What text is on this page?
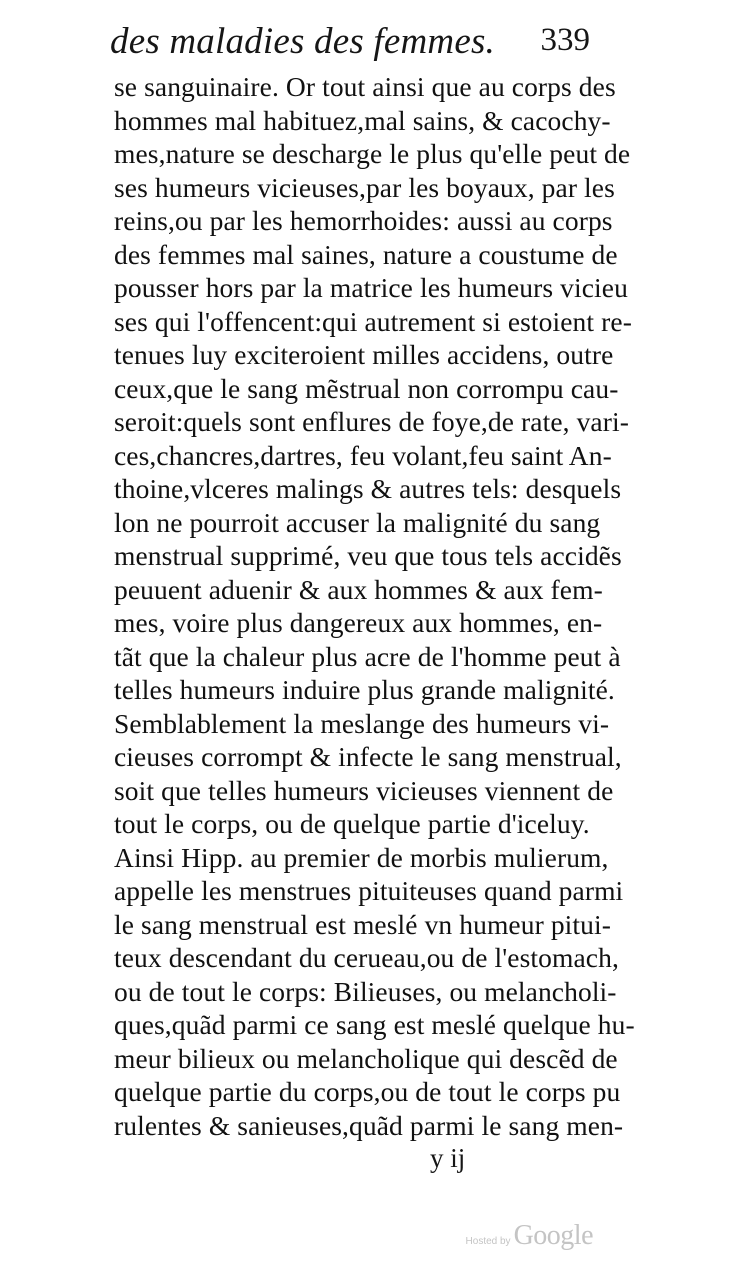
des maladies des femmes. 339
se sanguinaire. Or tout ainsi que au corps des
hommes mal habituez,mal sains, & cacochy-
mes,nature se descharge le plus qu'elle peut de
ses humeurs vicieuses,par les boyaux, par les
reins,ou par les hemorrhoides: aussi au corps
des femmes mal saines, nature a coustume de
pousser hors par la matrice les humeurs vicieu
ses qui l'offencent:qui autrement si estoient re-
tenues luy exciteroient milles accidens, outre
ceux,que le sang mẽstrual non corrompu cau-
seroit:quels sont enflures de foye,de rate, vari-
ces,chancres,dartres, feu volant,feu saint An-
thoine,vlceres malings & autres tels: desquels
lon ne pourroit accuser la malignité du sang
menstrual supprimé, veu que tous tels accidẽs
peuuent aduenir & aux hommes & aux fem-
mes, voire plus dangereux aux hommes, en-
tãt que la chaleur plus acre de l'homme peut à
telles humeurs induire plus grande malignité.
Semblablement la meslange des humeurs vi-
cieuses corrompt & infecte le sang menstrual,
soit que telles humeurs vicieuses viennent de
tout le corps, ou de quelque partie d'iceluy.
Ainsi Hipp. au premier de morbis mulierum,
appelle les menstrues pituiteuses quand parmi
le sang menstrual est meslé vn humeur pitui-
teux descendant du cerueau,ou de l'estomach,
ou de tout le corps: Bilieuses, ou melancholi-
ques,quãd parmi ce sang est meslé quelque hu-
meur bilieux ou melancholique qui descẽd de
quelque partie du corps,ou de tout le corps pu
rulentes & sanieuses,quãd parmi le sang men-
y ij
Hosted by Google
